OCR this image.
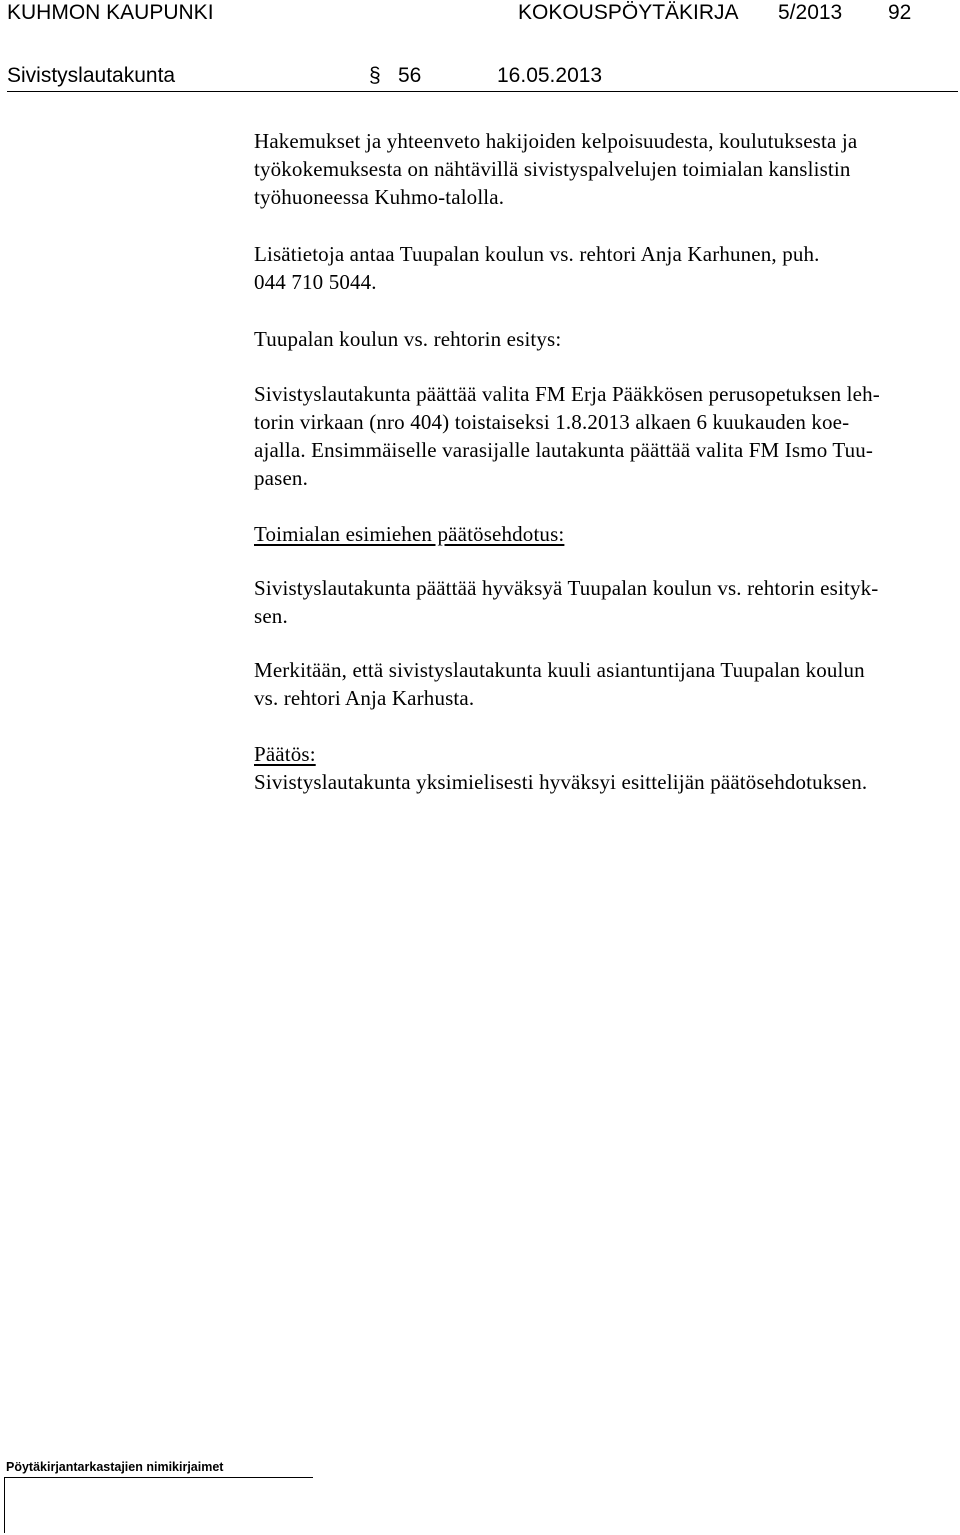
KUHMON KAUPUNKI	KOKOUSPÖYTÄKIRJA 5/2013 92
Sivistyslautakunta	§ 56	16.05.2013

Hakemukset ja yhteenveto hakijoiden kelpoisuudesta, koulutuksesta ja

työkokemuksesta on nähtävillä sivistyspalvelujen toimialan kanslistin

työhuoneessa Kuhmo-talolla.

Lisätietoja antaa Tuupalan koulun vs. rehtori Anja Karhunen, puh.

044 710 5044.

Tuupalan koulun vs. rehtorin esitys:

Sivistyslautakunta päättää valita FM Erja Pääkkösen perusopetuksen leh-

torin virkaan (nro 404) toistaiseksi 1.8.2013 alkaen 6 kuukauden koe-

ajalla. Ensimmäiselle varasijalle lautakunta päättää valita FM Ismo Tuu-

pasen.

Toimialan esimiehen päätösehdotus:

Sivistyslautakunta päättää hyväksyä Tuupalan koulun vs. rehtorin esityk-

sen.

Merkitään, että sivistyslautakunta kuuli asiantuntijana Tuupalan koulun

vs. rehtori Anja Karhusta.

Päätös:

Sivistyslautakunta yksimielisesti hyväksyi esittelijän päätösehdotuksen.

Pöytäkirjantarkastajien nimikirjaimet
